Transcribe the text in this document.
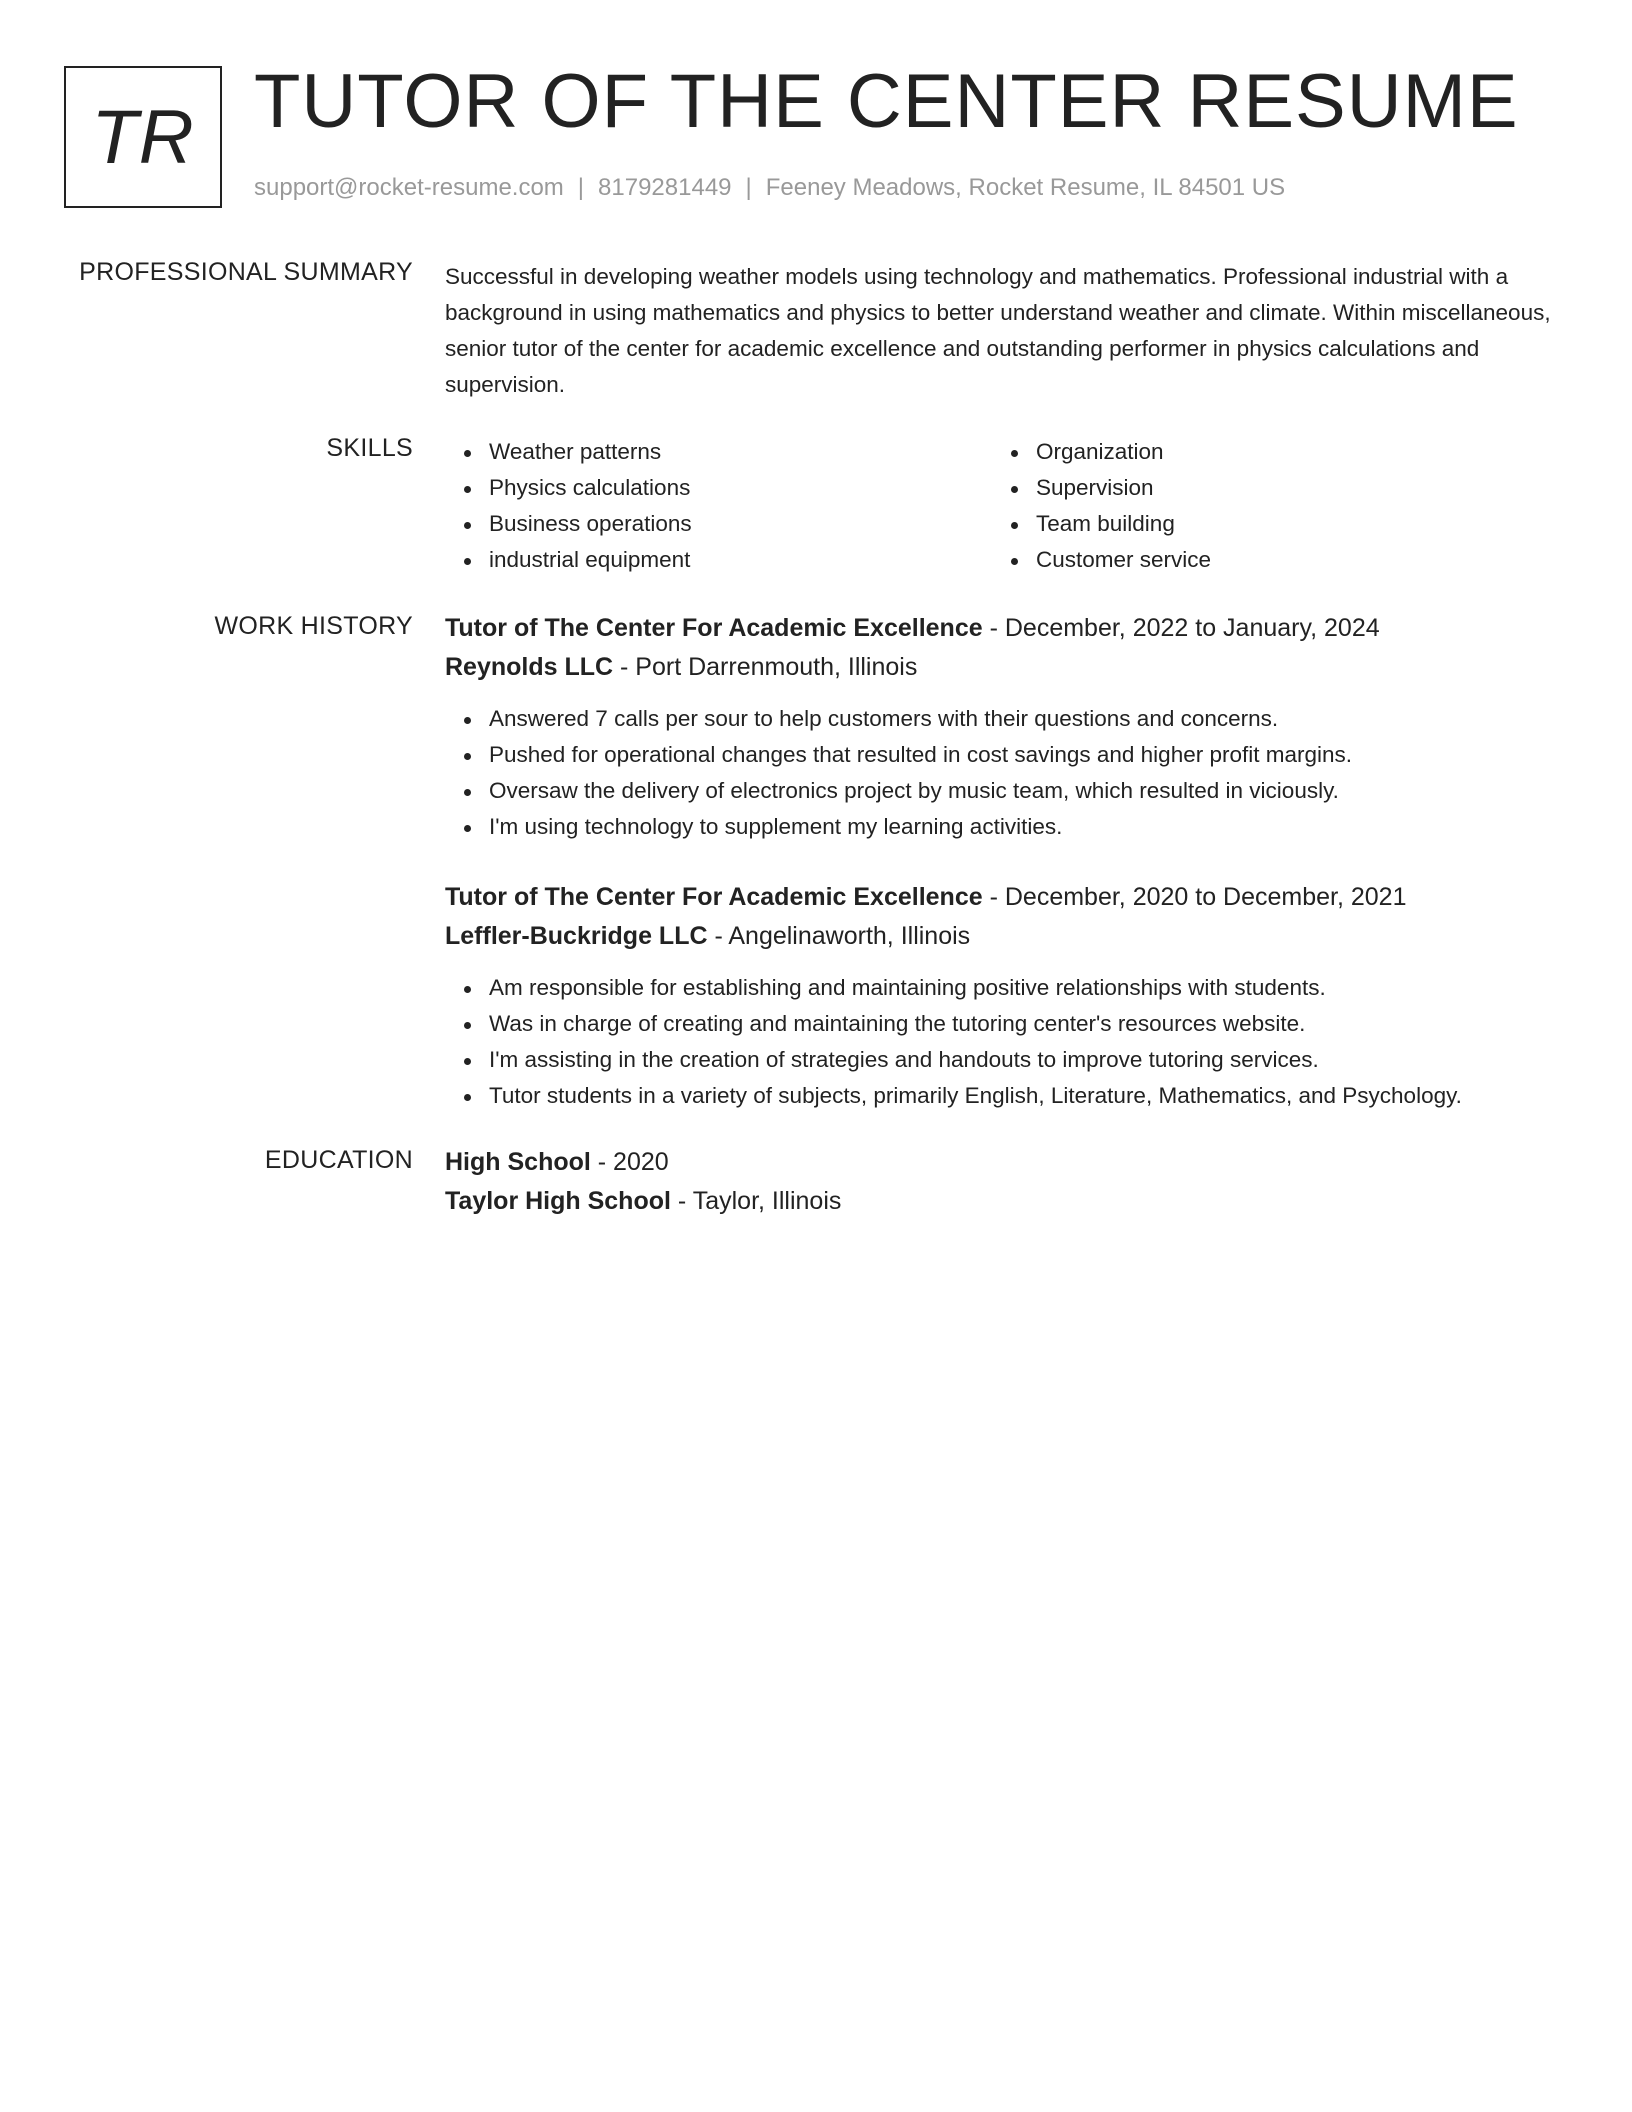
TR TUTOR OF THE CENTER RESUME
support@rocket-resume.com | 8179281449 | Feeney Meadows, Rocket Resume, IL 84501 US
PROFESSIONAL SUMMARY Successful in developing weather models using technology and mathematics. Professional industrial with a background in using mathematics and physics to better understand weather and climate. Within miscellaneous, senior tutor of the center for academic excellence and outstanding performer in physics calculations and supervision.

SKILLS	Weather patterns
Physics calculations
Business operations
industrial equipment
Organization
Supervision
Team building
Customer service
WORK HISTORY Tutor of The Center For Academic Excellence - December, 2022 to January, 2024
Reynolds LLC - Port Darrenmouth, Illinois
Answered 7 calls per sour to help customers with their questions and concerns.
Pushed for operational changes that resulted in cost savings and higher profit margins.
Oversaw the delivery of electronics project by music team, which resulted in viciously.
I'm using technology to supplement my learning activities.
Tutor of The Center For Academic Excellence - December, 2020 to December, 2021
Leffler-Buckridge LLC - Angelinaworth, Illinois
Am responsible for establishing and maintaining positive relationships with students.
Was in charge of creating and maintaining the tutoring center's resources website.
I'm assisting in the creation of strategies and handouts to improve tutoring services.
Tutor students in a variety of subjects, primarily English, Literature, Mathematics, and Psychology.
EDUCATION High School - 2020
Taylor High School - Taylor, Illinois
